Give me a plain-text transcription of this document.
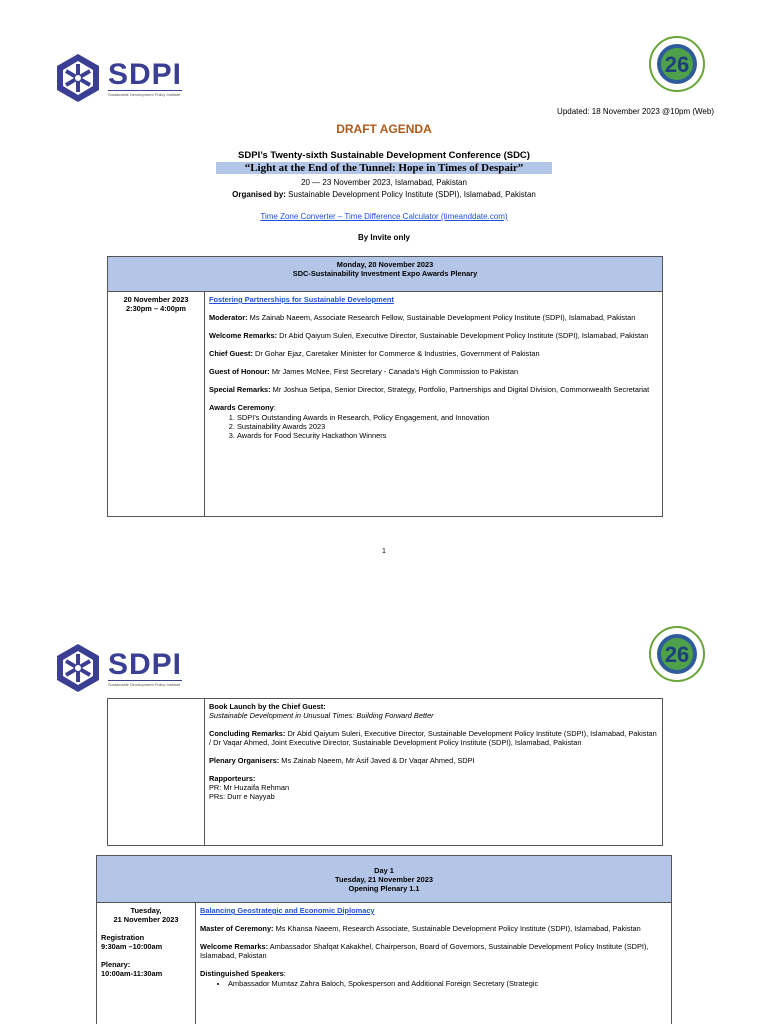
SDPI
Sustainable Development Policy Institute
26
Updated: 18 November 2023 @10pm (Web)
DRAFT AGENDA
SDPI’s Twenty-sixth Sustainable Development Conference (SDC)
“Light at the End of the Tunnel: Hope in Times of Despair”
20 — 23 November 2023, Islamabad, Pakistan
Organised by: Sustainable Development Policy Institute (SDPI), Islamabad, Pakistan
Time Zone Converter – Time Difference Calculator (timeanddate.com)
By Invite only
Monday, 20 November 2023
SDC-Sustainability Investment Expo Awards Plenary

20 November 2023
2:30pm – 4:00pm

Fostering Partnerships for Sustainable Development
Moderator: Ms Zainab Naeem, Associate Research Fellow, Sustainable Development Policy Institute (SDPI), Islamabad, Pakistan
Welcome Remarks: Dr Abid Qaiyum Suleri, Executive Director, Sustainable Development Policy Institute (SDPI), Islamabad, Pakistan
Chief Guest: Dr Gohar Ejaz, Caretaker Minister for Commerce & Industries, Government of Pakistan
Guest of Honour: Mr James McNee, First Secretary - Canada’s High Commission to Pakistan
Special Remarks: Mr Joshua Setipa, Senior Director, Strategy, Portfolio, Partnerships and Digital Division, Commonwealth Secretariat
Awards Ceremony:
1. SDPI’s Outstanding Awards in Research, Policy Engagement, and Innovation
2. Sustainability Awards 2023
3. Awards for Food Security Hackathon Winners
1
SDPI
Sustainable Development Policy Institute
26

Book Launch by the Chief Guest:
Sustainable Development in Unusual Times: Building Forward Better
Concluding Remarks: Dr Abid Qaiyum Suleri, Executive Director, Sustainable Development Policy Institute (SDPI), Islamabad, Pakistan / Dr Vaqar Ahmed, Joint Executive Director, Sustainable Development Policy Institute (SDPI), Islamabad, Pakistan
Plenary Organisers: Ms Zainab Naeem, Mr Asif Javed & Dr Vaqar Ahmed, SDPI
Rapporteurs:
PR: Mr Huzaifa Rehman
PRs: Durr e Nayyab
Day 1
Tuesday, 21 November 2023
Opening Plenary 1.1

Tuesday,
21 November 2023
Registration
9:30am –10:00am
Plenary:
10:00am-11:30am

Balancing Geostrategic and Economic Diplomacy
Master of Ceremony: Ms Khansa Naeem, Research Associate, Sustainable Development Policy Institute (SDPI), Islamabad, Pakistan
Welcome Remarks: Ambassador Shafqat Kakakhel, Chairperson, Board of Governors, Sustainable Development Policy Institute (SDPI), Islamabad, Pakistan
Distinguished Speakers:
• Ambassador Mumtaz Zahra Baloch, Spokesperson and Additional Foreign Secretary (Strategic
